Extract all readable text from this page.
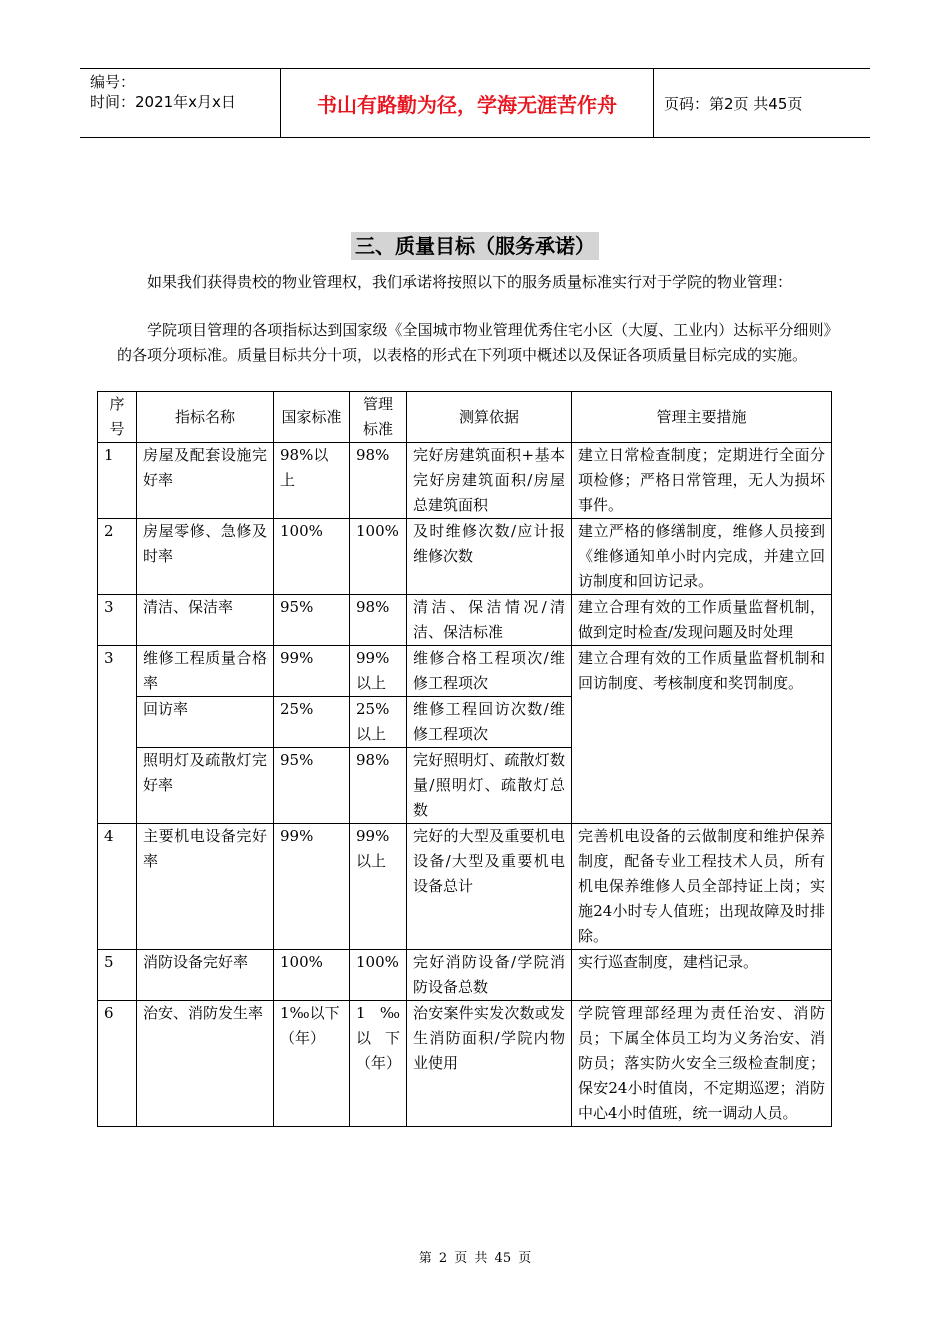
编号：
时间：2021年x月x日	书山有路勤为径，学海无涯苦作舟	页码：第2页 共45页
三、质量目标（服务承诺）

如果我们获得贵校的物业管理权，我们承诺将按照以下的服务质量标准实行对于学院的物业管理：

学院项目管理的各项指标达到国家级《全国城市物业管理优秀住宅小区（大厦、工业内）达标平分细则》的各项分项标准。质量目标共分十项，以表格的形式在下列项中概述以及保证各项质量目标完成的实施。

序号	指标名称	国家标准	管理标准	测算依据	管理主要措施
1	房屋及配套设施完好率	98%以上	98%	完好房建筑面积+基本完好房建筑面积/房屋总建筑面积	建立日常检查制度；定期进行全面分项检修；严格日常管理，无人为损坏事件。
2	房屋零修、急修及时率	100%	100%	及时维修次数/应计报维修次数	建立严格的修缮制度，维修人员接到《维修通知单小时内完成，并建立回访制度和回访记录。
3	清洁、保洁率	95%	98%	清洁、保洁情况/清洁、保洁标准	建立合理有效的工作质量监督机制，做到定时检查/发现问题及时处理
3	维修工程质量合格率	99%	99%以上	维修合格工程项次/维修工程项次	建立合理有效的工作质量监督机制和回访制度、考核制度和奖罚制度。
	回访率	25%	25%以上	维修工程回访次数/维修工程项次	
	照明灯及疏散灯完好率	95%	98%	完好照明灯、疏散灯数量/照明灯、疏散灯总数	
4	主要机电设备完好率	99%	99%以上	完好的大型及重要机电设备/大型及重要机电设备总计	完善机电设备的云做制度和维护保养制度，配备专业工程技术人员，所有机电保养维修人员全部持证上岗；实施24小时专人值班；出现故障及时排除。
5	消防设备完好率	100%	100%	完好消防设备/学院消防设备总数	实行巡查制度，建档记录。
6	治安、消防发生率	1‰以下（年）	1‰以下（年）	治安案件实发次数或发生消防面积/学院内物业使用	学院管理部经理为责任治安、消防员；下属全体员工均为义务治安、消防员；落实防火安全三级检查制度；保安24小时值岗，不定期巡逻；消防中心4小时值班，统一调动人员。
第 2 页 共 45 页
